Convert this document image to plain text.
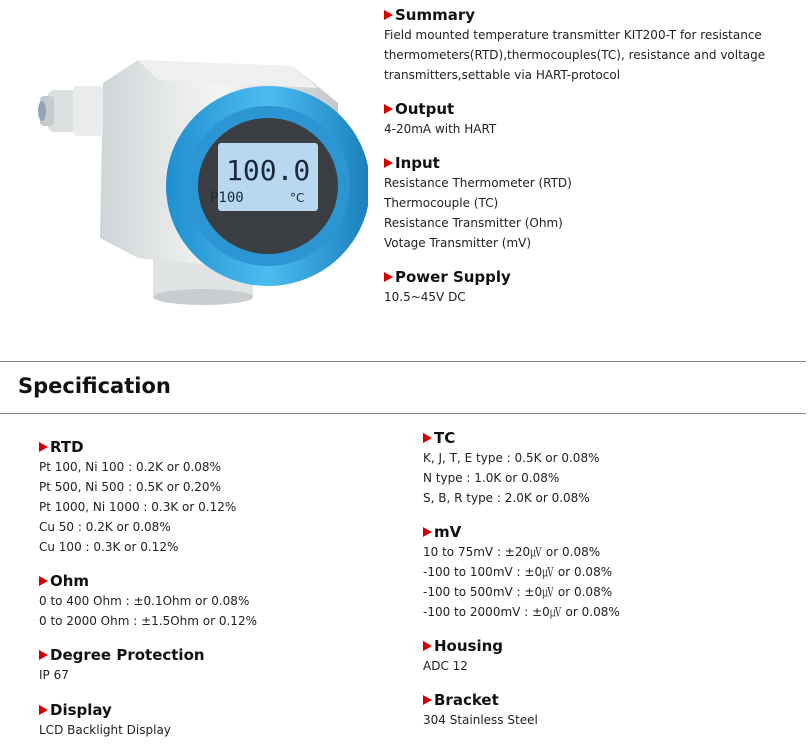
100.0
P100	°C
Summary
Field mounted temperature transmitter KIT200-T for resistance
thermometers(RTD),thermocouples(TC), resistance and voltage
transmitters,settable via HART-protocol
Output
4-20mA with HART
Input
Resistance Thermometer (RTD)
Thermocouple (TC)
Resistance Transmitter (Ohm)
Votage Transmitter (mV)
Power Supply
10.5~45V DC
Specification
RTD
Pt 100, Ni 100 : 0.2K or 0.08%
Pt 500, Ni 500 : 0.5K or 0.20%
Pt 1000, Ni 1000 : 0.3K or 0.12%
Cu 50 : 0.2K or 0.08%
Cu 100 : 0.3K or 0.12%
Ohm
0 to 400 Ohm : ±0.1Ohm or 0.08%
0 to 2000 Ohm : ±1.5Ohm or 0.12%
Degree Protection
IP 67
Display
LCD Backlight Display
TC
K, J, T, E type : 0.5K or 0.08%
N type : 1.0K or 0.08%
S, B, R type : 2.0K or 0.08%
mV
10 to 75mV : ±20㎶ or 0.08%
-100 to 100mV : ±0㎶ or 0.08%
-100 to 500mV : ±0㎶ or 0.08%
-100 to 2000mV : ±0㎶ or 0.08%
Housing
ADC 12
Bracket
304 Stainless Steel
